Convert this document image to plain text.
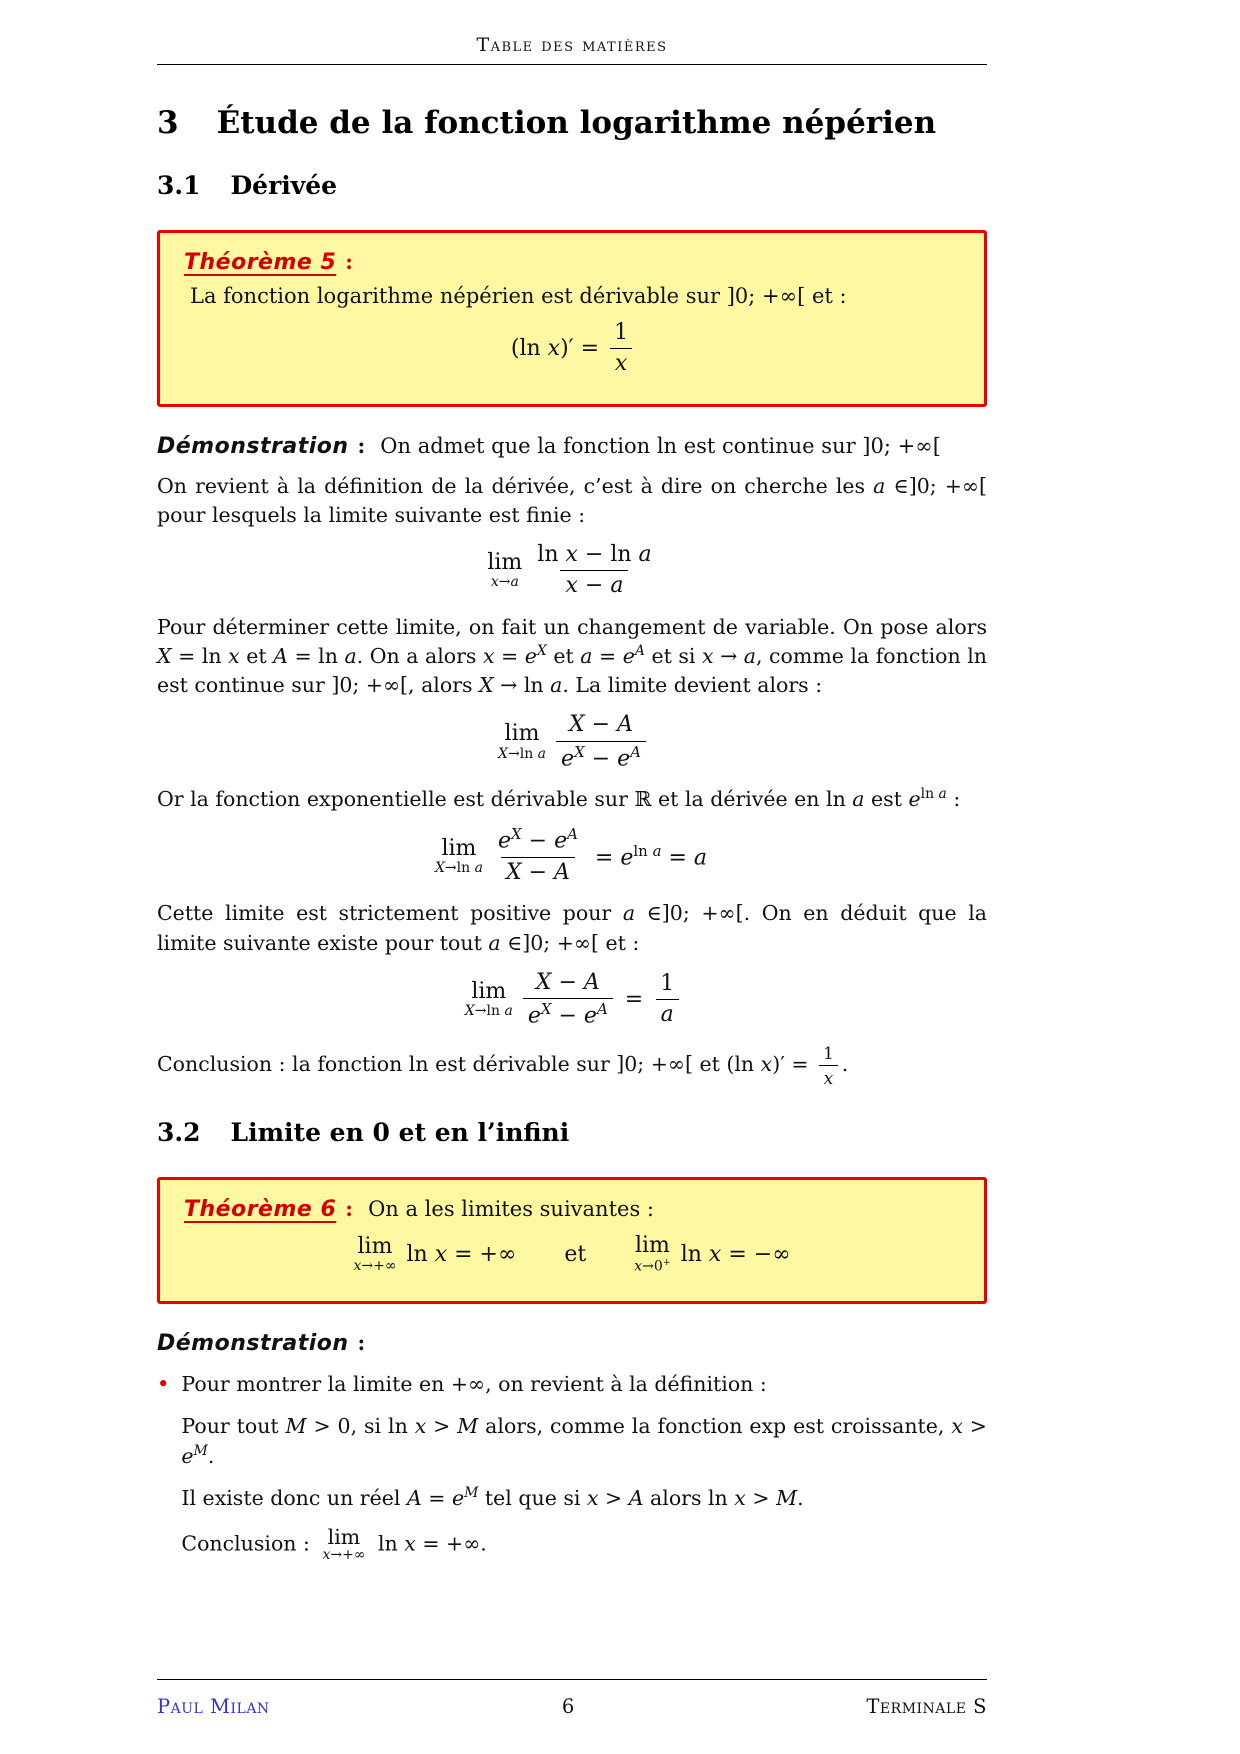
Table des matières
3 Étude de la fonction logarithme népérien
3.1 Dérivée
Théorème 5 :
La fonction logarithme népérien est dérivable sur ]0; +∞[ et :
(ln $x)' = \frac{1}{x}$
Démonstration : On admet que la fonction ln est continue sur ]0; +∞[

On revient à la définition de la dérivée, c’est à dire on cherche les a ∈]0; +∞[ pour lesquels la limite suivante est finie :

lim
$x\to a \frac{\text{ln x − ln a}}{x - a}$

Pour déterminer cette limite, on fait un changement de variable. On pose alors X = ln x et A = ln a. On a alors $x = e^X$ et $a = e^A$ et si x → a, comme la fonction ln est continue sur ]0; +∞[, alors X → ln a. La limite devient alors :

lim
X→ln a $\frac{X - A}{e^X - e^A}$

Or la fonction exponentielle est dérivable sur ℝ et la dérivée en ln a est $e^{ln a}$ :

lim
X→ln a $\frac{e^X - e^A}{X - A} = e^{ln a} = a$

Cette limite est strictement positive pour a ∈]0; +∞[. On en déduit que la limite suivante existe pour tout a ∈]0; +∞[ et :

lim
X→ln a $\frac{X - A}{e^X - e^A} = \frac{1}{a}$

Conclusion : la fonction ln est dérivable sur ]0; +∞[ et (ln $x)' = \frac{1}{x}$ .

3.2 Limite en 0 et en l’infini
Théorème 6 : On a les limites suivantes :
lim
x→+∞ ln x = +∞ et lim
x→0+ ln x = −∞
Démonstration :
• Pour montrer la limite en +∞, on revient à la définition :

Pour tout M > 0, si ln x > M alors, comme la fonction exp est croissante, $x > e^M$.

Il existe donc un réel $A = e^M$ tel que si x > A alors ln x > M.

Conclusion : lim
x→+∞
ln x = +∞.

Paul Milan	6	Terminale S
